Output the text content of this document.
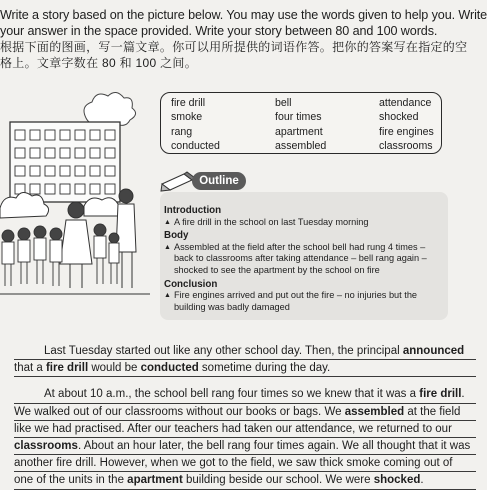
Write a story based on the picture below. You may use the words given to help you. Write
your answer in the space provided. Write your story between 80 and 100 words.
根据下面的图画，写一篇文章。你可以用所提供的词语作答。把你的答案写在指定的空
格上。文章字数在 80 和 100 之间。
fire drill	bell	attendance
smoke	four times	shocked
rang	apartment	fire engines
conducted	assembled	classrooms
Outline
Introduction
▲ A fire drill in the school on last Tuesday morning
Body
▲ Assembled at the field after the school bell had rung 4 times – back to classrooms after taking attendance – bell rang again – shocked to see the apartment by the school on fire
Conclusion
▲ Fire engines arrived and put out the fire – no injuries but the building was badly damaged
Last Tuesday started out like any other school day. Then, the principal announced
that a fire drill would be conducted sometime during the day.
At about 10 a.m., the school bell rang four times so we knew that it was a fire drill.
We walked out of our classrooms without our books or bags. We assembled at the field
like we had practised. After our teachers had taken our attendance, we returned to our
classrooms. About an hour later, the bell rang four times again. We all thought that it was
another fire drill. However, when we got to the field, we saw thick smoke coming out of
one of the units in the apartment building beside our school. We were shocked.
